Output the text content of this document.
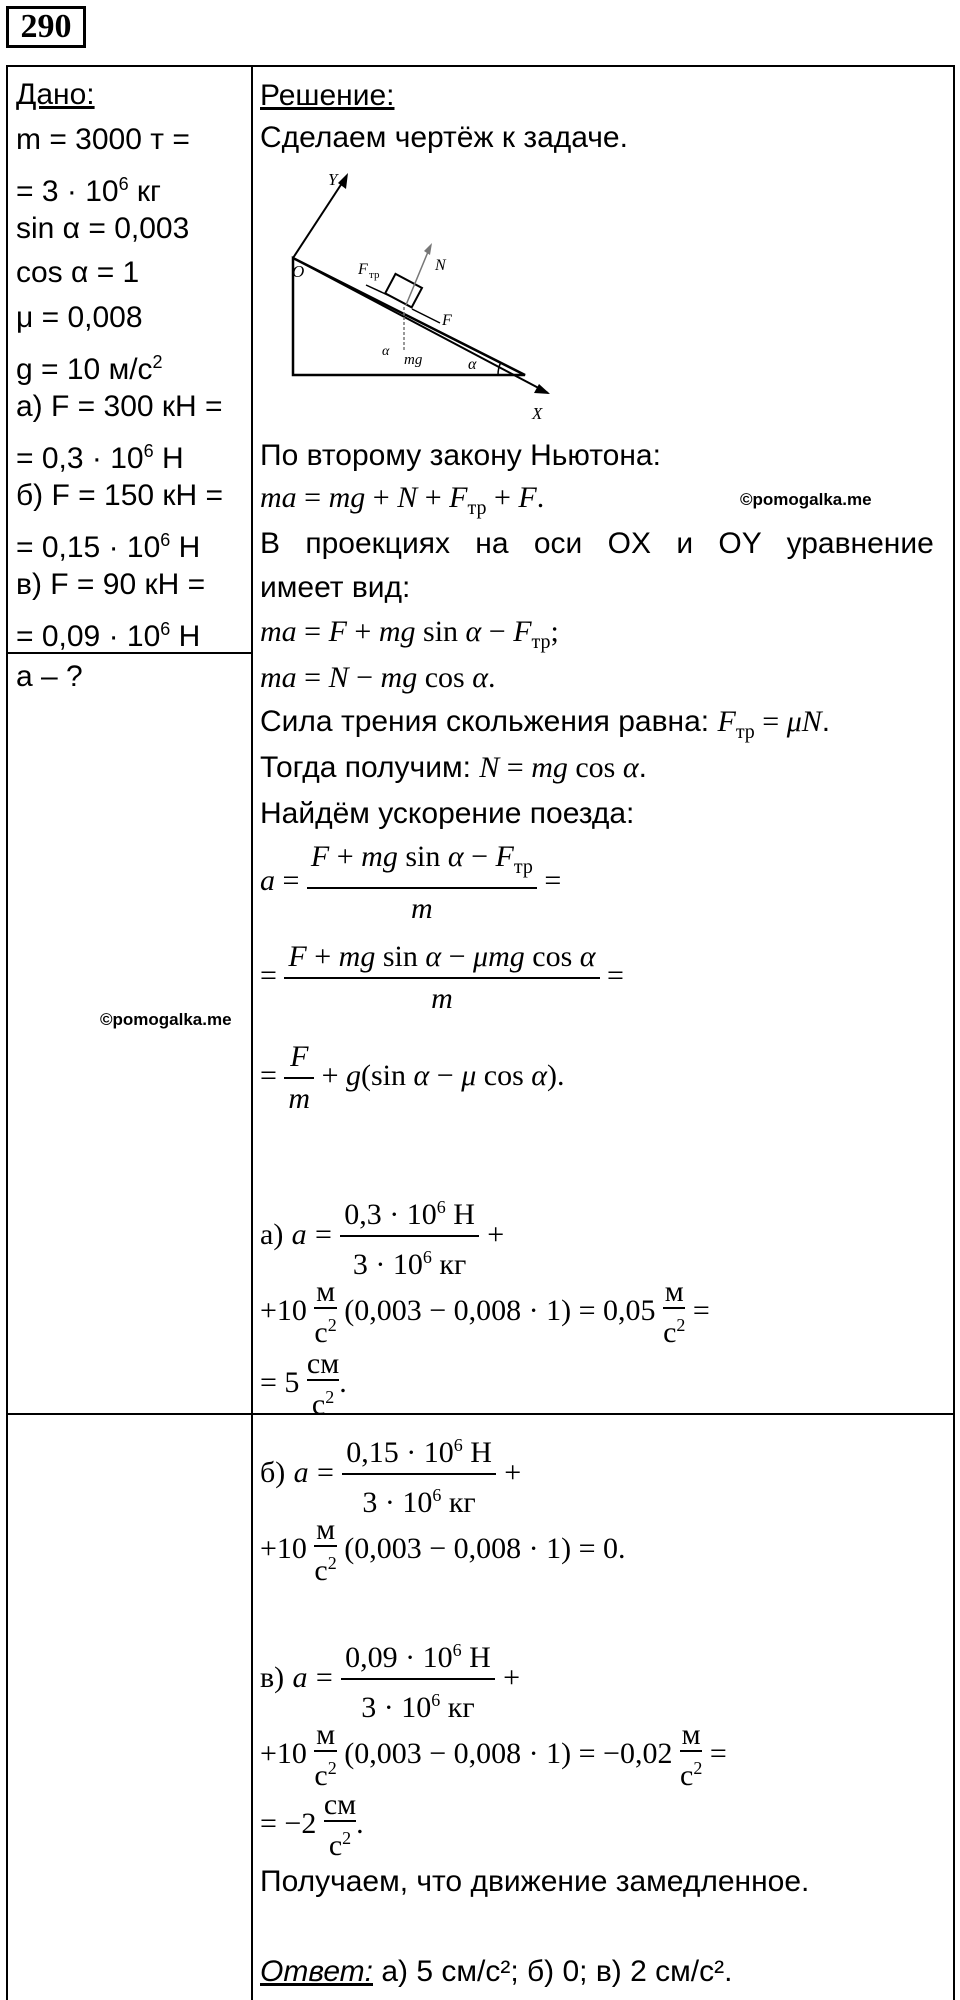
290
Дано:
m = 3000 т =
= $3 \cdot 10^6$ кг
sin α = 0,003
cos α = 1
μ = 0,008
g = 10 $м/с^2$
а) F = 300 кН =
= $0,3 \cdot 10^6$ Н
б) F = 150 кН =
= $0,15 \cdot 10^6$ Н
в) F = 90 кН =
= $0,09 \cdot 10^6$ Н
a – ?
©pomogalka.me
Решение:
Сделаем чертёж к задаче.
Y
X
O	F тр
N
F
mg
α
α
По второму закону Ньютона:
ma = mg + $N + F_{тр} + F$.	©pomogalka.me
В проекциях на оси OX и OY уравнение
имеет вид:
ma = F + mg $\sin \alpha - F_{тр}$;
ma = N − mg cos α.
Сила трения скольжения равна: $F_{тр} = \mu N$.
Тогда получим: N = mg cos α.
Найдём ускорение поезда:
$a = \frac{F + mg \sin \alpha - F_{тр}}{m}$ =
= $\frac{\text{F + mg sin α − μmg cos α}}{m}$ =
= $\frac{F}{m} + g(\sin$ α − μ cos α).
а) $a = \frac{0,3 \cdot 10^6 Н}{3 \cdot 10^6 кг}$ +
+10
м
$с^2$ (0,003 − 0,008 · 1) = 0,05
м
$с^2$ =
= 5
см
$с^2$ .
б) $a = \frac{0,15 \cdot 10^6 Н}{3 \cdot 10^6 кг}$ +
+10
м
$с^2$ (0,003 − 0,008 · 1) = 0.
в) $a = \frac{0,09 \cdot 10^6 Н}{3 \cdot 10^6 кг}$ +
+10
м
$с^2$ (0,003 − 0,008 · 1) = −0,02
м
$с^2$ =
= −2
см
$с^2$ .
Получаем, что движение замедленное.
Ответ: а) 5 см/с²; б) 0; в) 2 см/с².
